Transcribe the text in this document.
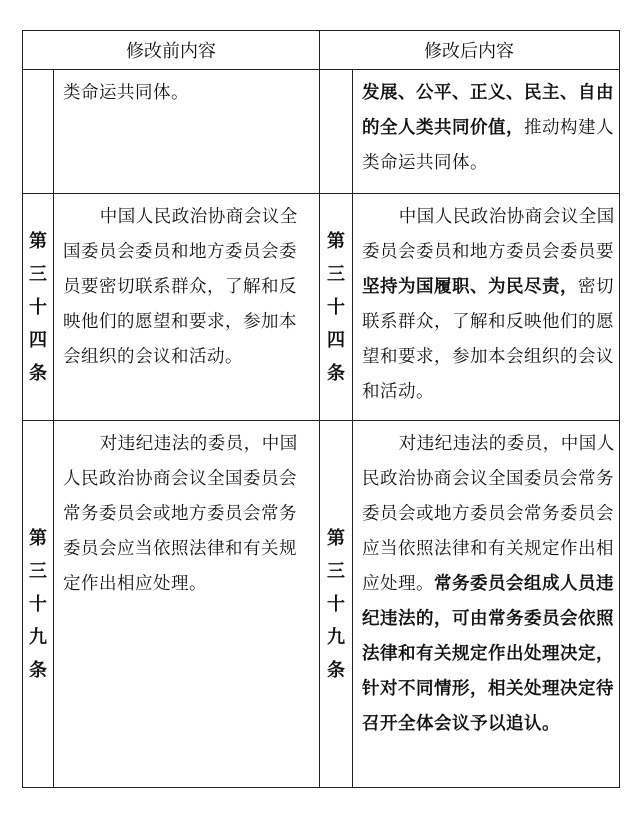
修改前内容	修改后内容

类命运共同体。	发展、公平、正义、民主、自由的全人类共同价值，推动构建人类命运共同体。

第
三
十
四
条

中国人民政治协商会议全国委员会委员和地方委员会委员要密切联系群众，了解和反映他们的愿望和要求，参加本会组织的会议和活动。

第
三
十
四
条

中国人民政治协商会议全国委员会委员和地方委员会委员要坚持为国履职、为民尽责，密切联系群众，了解和反映他们的愿望和要求，参加本会组织的会议和活动。

第
三
十
九
条

对违纪违法的委员，中国人民政治协商会议全国委员会常务委员会或地方委员会常务委员会应当依照法律和有关规定作出相应处理。

第
三
十
九
条

对违纪违法的委员，中国人民政治协商会议全国委员会常务委员会或地方委员会常务委员会应当依照法律和有关规定作出相应处理。常务委员会组成人员违纪违法的，可由常务委员会依照法律和有关规定作出处理决定，针对不同情形，相关处理决定待召开全体会议予以追认。
